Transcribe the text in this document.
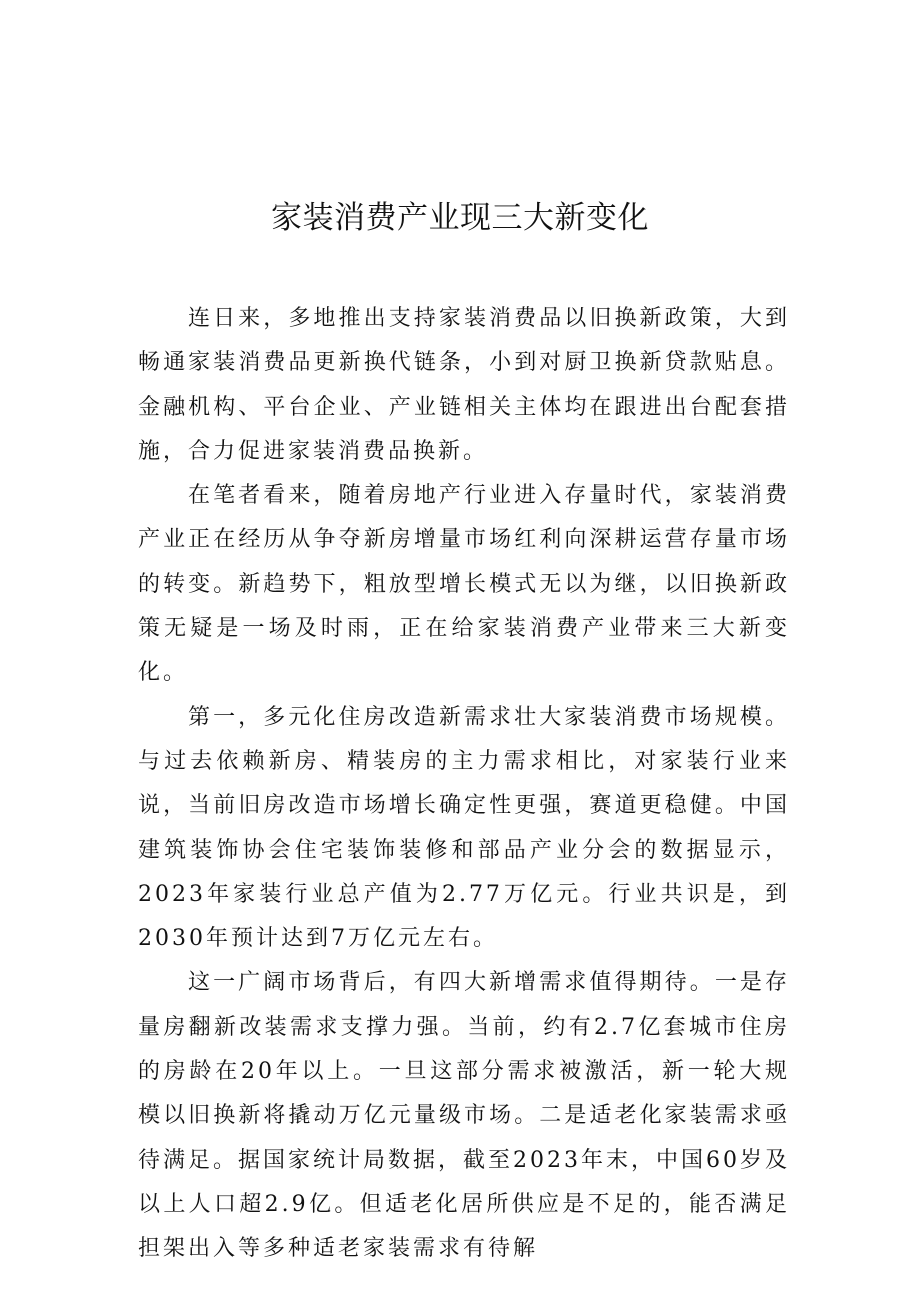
家装消费产业现三大新变化

连日来，多地推出支持家装消费品以旧换新政策，大到畅通家装消费品更新换代链条，小到对厨卫换新贷款贴息。金融机构、平台企业、产业链相关主体均在跟进出台配套措施，合力促进家装消费品换新。

在笔者看来，随着房地产行业进入存量时代，家装消费产业正在经历从争夺新房增量市场红利向深耕运营存量市场的转变。新趋势下，粗放型增长模式无以为继，以旧换新政策无疑是一场及时雨，正在给家装消费产业带来三大新变化。

第一，多元化住房改造新需求壮大家装消费市场规模。与过去依赖新房、精装房的主力需求相比，对家装行业来说，当前旧房改造市场增长确定性更强，赛道更稳健。中国建筑装饰协会住宅装饰装修和部品产业分会的数据显示，2023年家装行业总产值为2.77万亿元。行业共识是，到2030年预计达到7万亿元左右。

这一广阔市场背后，有四大新增需求值得期待。一是存量房翻新改装需求支撑力强。当前，约有2.7亿套城市住房的房龄在20年以上。一旦这部分需求被激活，新一轮大规模以旧换新将撬动万亿元量级市场。二是适老化家装需求亟待满足。据国家统计局数据，截至2023年末，中国60岁及以上人口超2.9亿。但适老化居所供应是不足的，能否满足担架出入等多种适老家装需求有待解
